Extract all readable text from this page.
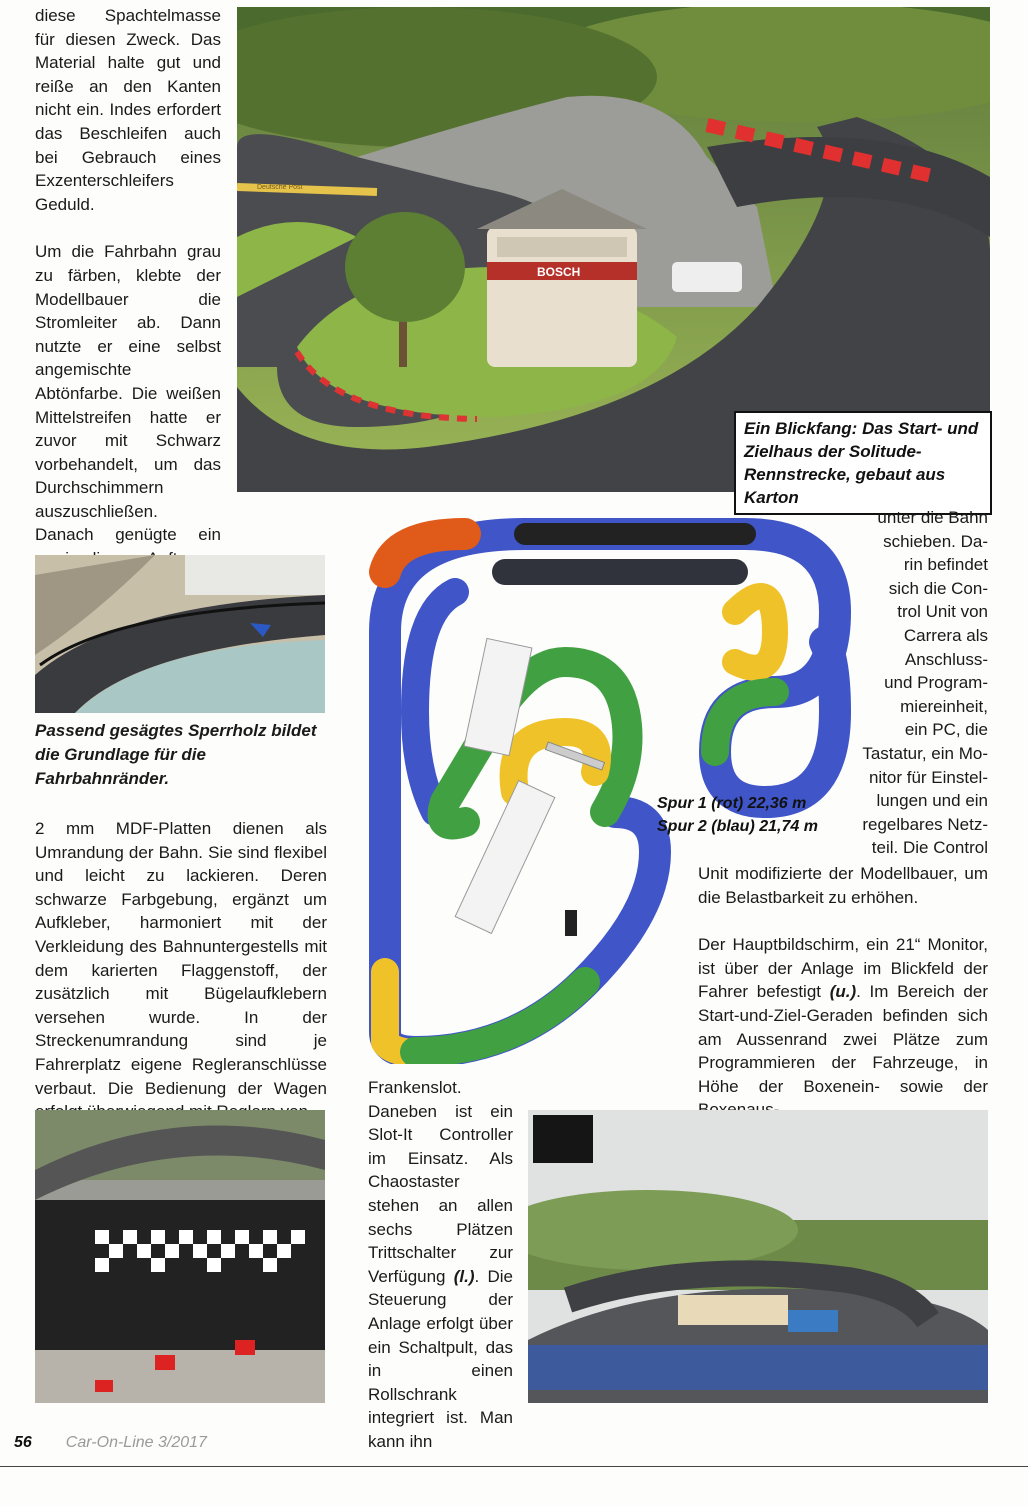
diese Spachtelmasse für diesen Zweck. Das Material halte gut und reiße an den Kanten nicht ein. Indes erfordert das Beschleifen auch bei Gebrauch eines Exzenterschleifers Geduld.

Um die Fahrbahn grau zu färben, klebte der Modellbauer die Stromleiter ab. Dann nutzte er eine selbst angemischte Abtönfarbe. Die weißen Mittelstreifen hatte er zuvor mit Schwarz vorbehandelt, um das Durchschimmern auszuschließen. Danach genügte ein

BOSCH
Deutsche Post
Ein Blickfang: Das Start- und Zielhaus der Solitude-Rennstrecke, gebaut aus Karton
Passend gesägtes Sperrholz bildet die Grundlage für die Fahrbahnränder.

2 mm MDF-Platten dienen als Umrandung der Bahn. Sie sind flexibel und leicht zu lackieren. Deren schwarze Farbgebung, ergänzt um Aufkleber, harmoniert mit der Verkleidung des Bahnuntergestells mit dem karierten Flaggenstoff, der zusätzlich mit Bügelaufklebern versehen wurde. In der Streckenumrandung sind je Fahrerplatz eigene Regleranschlüsse verbaut. Die Bedienung der Wagen

Spur 1 (rot) 22,36 m
Spur 2 (blau) 21,74 m
unter die Bahn
schieben. Da-
rin befindet
sich die Con-
trol Unit von
Carrera als
Anschluss-
und Program-
miereinheit,
ein PC, die
Tastatur, ein Mo-
nitor für Einstel-
lungen und ein
regelbares Netz-
teil. Die Control

Unit modifizierte der Modellbauer, um die Belastbarkeit zu erhöhen.

Der Hauptbildschirm, ein 21“ Monitor, ist über der Anlage im Blickfeld der Fahrer befestigt (u.). Im Bereich der Start-und-Ziel-Geraden befinden sich am Aussenrand zwei Plätze zum Programmieren der Fahrzeuge, in Höhe der Boxenein- sowie der

Frankenslot. Daneben ist ein Slot-It Controller im Einsatz. Als Chaostaster stehen an allen sechs Plätzen Trittschalter zur Verfügung (l.). Die Steuerung der Anlage erfolgt über ein Schaltpult, das in einen Rollschrank integriert ist. Man kann ihn

56 Car-On-Line 3/2017
